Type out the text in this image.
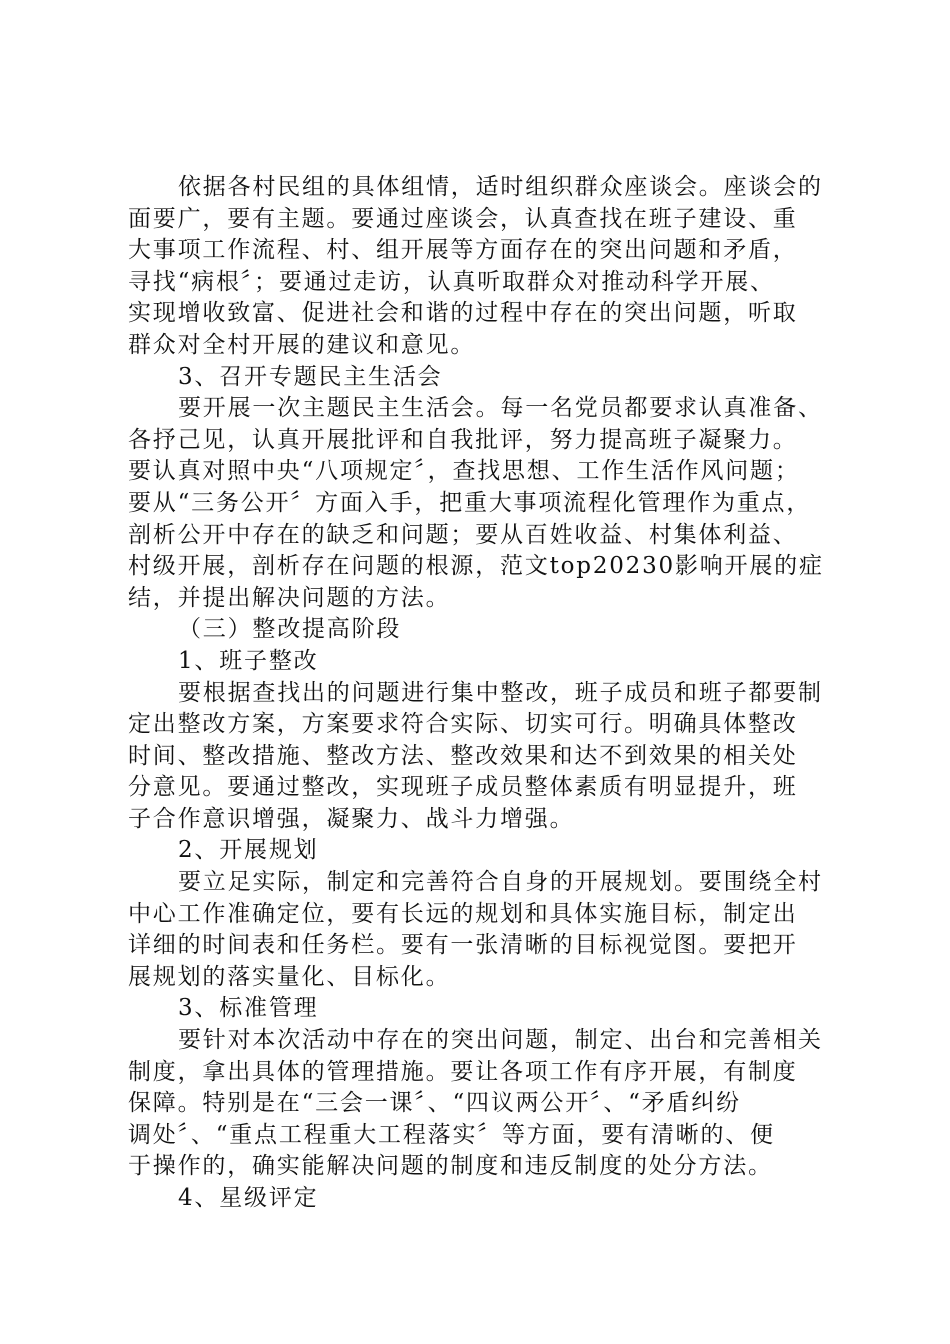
依据各村民组的具体组情，适时组织群众座谈会。座谈会的
面要广，要有主题。要通过座谈会，认真查找在班子建设、重
大事项工作流程、村、组开展等方面存在的突出问题和矛盾，
寻找“病根〞；要通过走访，认真听取群众对推动科学开展、
实现增收致富、促进社会和谐的过程中存在的突出问题，听取
群众对全村开展的建议和意见。
3、召开专题民主生活会
要开展一次主题民主生活会。每一名党员都要求认真准备、
各抒己见，认真开展批评和自我批评，努力提高班子凝聚力。
要认真对照中央“八项规定〞，查找思想、工作生活作风问题；
要从“三务公开〞方面入手，把重大事项流程化管理作为重点，
剖析公开中存在的缺乏和问题；要从百姓收益、村集体利益、
村级开展，剖析存在问题的根源，范文top20230影响开展的症
结，并提出解决问题的方法。
（三）整改提高阶段
1、班子整改
要根据查找出的问题进行集中整改，班子成员和班子都要制
定出整改方案，方案要求符合实际、切实可行。明确具体整改
时间、整改措施、整改方法、整改效果和达不到效果的相关处
分意见。要通过整改，实现班子成员整体素质有明显提升，班
子合作意识增强，凝聚力、战斗力增强。
2、开展规划
要立足实际，制定和完善符合自身的开展规划。要围绕全村
中心工作准确定位，要有长远的规划和具体实施目标，制定出
详细的时间表和任务栏。要有一张清晰的目标视觉图。要把开
展规划的落实量化、目标化。
3、标准管理
要针对本次活动中存在的突出问题，制定、出台和完善相关
制度，拿出具体的管理措施。要让各项工作有序开展，有制度
保障。特别是在“三会一课〞、“四议两公开〞、“矛盾纠纷
调处〞、“重点工程重大工程落实〞等方面，要有清晰的、便
于操作的，确实能解决问题的制度和违反制度的处分方法。
4、星级评定
